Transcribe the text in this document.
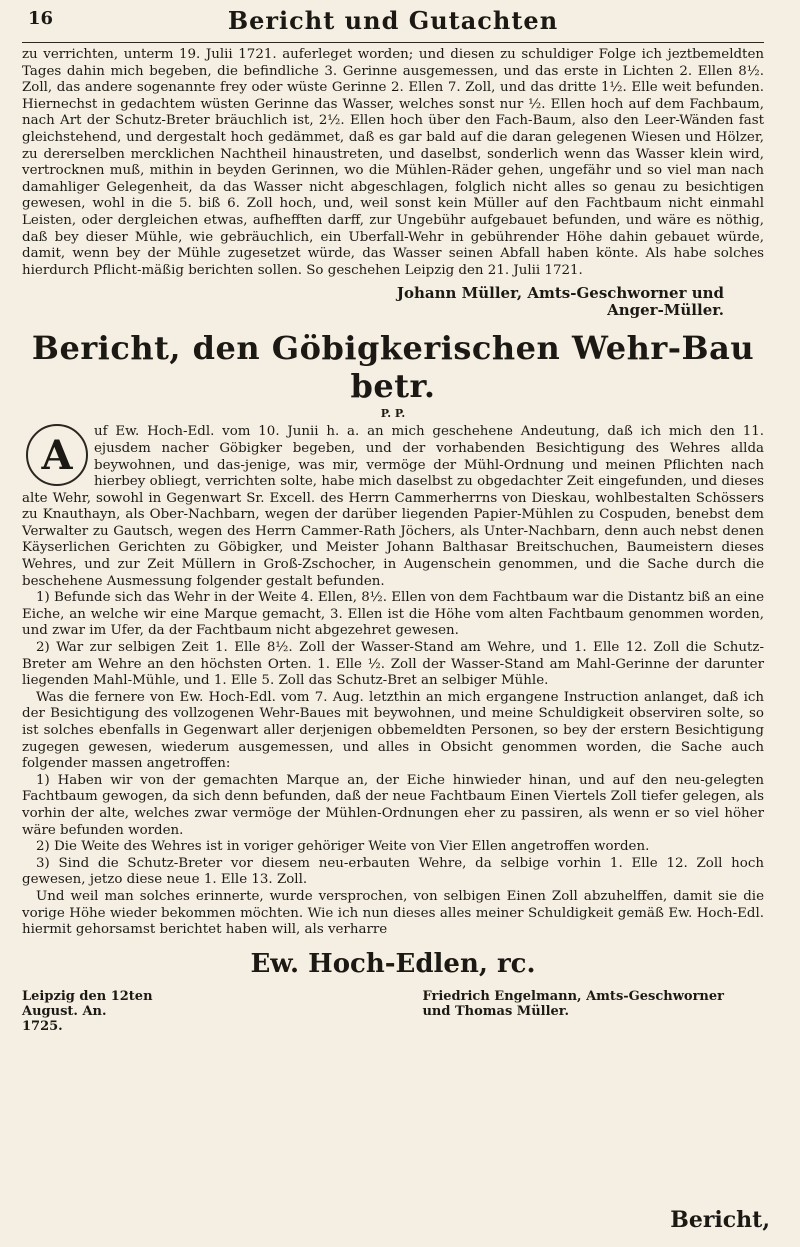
16	Bericht und Gutachten

zu verrichten, unterm 19. Julii 1721. auferleget worden; und diesen zu schuldiger Folge ich jeztbemeldten Tages dahin mich begeben, die befindliche 3. Gerinne ausgemessen, und das erste in Lichten 2. Ellen 8½. Zoll, das andere sogenannte frey oder wüste Gerinne 2. Ellen 7. Zoll, und das dritte 1½. Elle weit befunden. Hiernechst in gedachtem wüsten Gerinne das Wasser, welches sonst nur ½. Ellen hoch auf dem Fachbaum, nach Art der Schutz-Breter bräuchlich ist, 2½. Ellen hoch über den Fach-Baum, also den Leer-Wänden fast gleichstehend, und dergestalt hoch gedämmet, daß es gar bald auf die daran gelegenen Wiesen und Hölzer, zu dererselben mercklichen Nachtheil hinaustreten, und daselbst, sonderlich wenn das Wasser klein wird, vertrocknen muß, mithin in beyden Gerinnen, wo die Mühlen-Räder gehen, ungefähr und so viel man nach damahliger Gelegenheit, da das Wasser nicht abgeschlagen, folglich nicht alles so genau zu besichtigen gewesen, wohl in die 5. biß 6. Zoll hoch, und, weil sonst kein Müller auf den Fachtbaum nicht einmahl Leisten, oder dergleichen etwas, aufhefften darff, zur Ungebühr aufgebauet befunden, und wäre es nöthig, daß bey dieser Mühle, wie gebräuchlich, ein Uberfall-Wehr in gebührender Höhe dahin gebauet würde, damit, wenn bey der Mühle zugesetzet würde, das Wasser seinen Abfall haben könte. Als habe solches hierdurch Pflicht-mäßig berichten sollen. So geschehen Leipzig den 21. Julii 1721.

Johann Müller, Amts-Geschworner und
Anger-Müller.
Bericht, den Göbigkerischen Wehr-Bau betr.
P. P.
A	uf Ew. Hoch-Edl. vom 10. Junii h. a. an mich geschehene Andeutung, daß ich mich den 11. ejusdem nacher Göbigker begeben, und der vorhabenden Besichtigung des Wehres allda beywohnen, und das-jenige, was mir, vermöge der Mühl-Ordnung und meinen Pflichten nach hierbey obliegt, verrichten solte, habe mich daselbst zu obgedachter Zeit eingefunden, und dieses alte Wehr, sowohl in Gegenwart Sr. Excell. des Herrn Cammerherrns von Dieskau, wohlbestalten Schössers zu Knauthayn, als Ober-Nachbarn, wegen der darüber liegenden Papier-Mühlen zu Cospuden, benebst dem Verwalter zu Gautsch, wegen des Herrn Cammer-Rath Jöchers, als Unter-Nachbarn, denn auch nebst denen Käyserlichen Gerichten zu Göbigker, und Meister Johann Balthasar Breitschuchen, Baumeistern dieses Wehres, und zur Zeit Müllern in Groß-Zschocher, in Augenschein genommen, und die Sache durch die beschehene Ausmessung folgender gestalt befunden.

1) Befunde sich das Wehr in der Weite 4. Ellen, 8½. Ellen von dem Fachtbaum war die Distantz biß an eine Eiche, an welche wir eine Marque gemacht, 3. Ellen ist die Höhe vom alten Fachtbaum genommen worden, und zwar im Ufer, da der Fachtbaum nicht abgezehret gewesen.

2) War zur selbigen Zeit 1. Elle 8½. Zoll der Wasser-Stand am Wehre, und 1. Elle 12. Zoll die Schutz-Breter am Wehre an den höchsten Orten. 1. Elle ½. Zoll der Wasser-Stand am Mahl-Gerinne der darunter liegenden Mahl-Mühle, und 1. Elle 5. Zoll das Schutz-Bret an selbiger Mühle.

Was die fernere von Ew. Hoch-Edl. vom 7. Aug. letzthin an mich ergangene Instruction anlanget, daß ich der Besichtigung des vollzogenen Wehr-Baues mit beywohnen, und meine Schuldigkeit observiren solte, so ist solches ebenfalls in Gegenwart aller derjenigen obbemeldten Personen, so bey der erstern Besichtigung zugegen gewesen, wiederum ausgemessen, und alles in Obsicht genommen worden, die Sache auch folgender massen angetroffen:

1) Haben wir von der gemachten Marque an, der Eiche hinwieder hinan, und auf den neu-gelegten Fachtbaum gewogen, da sich denn befunden, daß der neue Fachtbaum Einen Viertels Zoll tiefer gelegen, als vorhin der alte, welches zwar vermöge der Mühlen-Ordnungen eher zu passiren, als wenn er so viel höher wäre befunden worden.

2) Die Weite des Wehres ist in voriger gehöriger Weite von Vier Ellen angetroffen worden.

3) Sind die Schutz-Breter vor diesem neu-erbauten Wehre, da selbige vorhin 1. Elle 12. Zoll hoch gewesen, jetzo diese neue 1. Elle 13. Zoll.

Und weil man solches erinnerte, wurde versprochen, von selbigen Einen Zoll abzuhelffen, damit sie die vorige Höhe wieder bekommen möchten. Wie ich nun dieses alles meiner Schuldigkeit gemäß Ew. Hoch-Edl. hiermit gehorsamst berichtet haben will, als verharre

Ew. Hoch-Edlen, rc.
Leipzig den 12ten
August. An.
1725.
Friedrich Engelmann, Amts-Geschworner
und Thomas Müller.
Bericht,
